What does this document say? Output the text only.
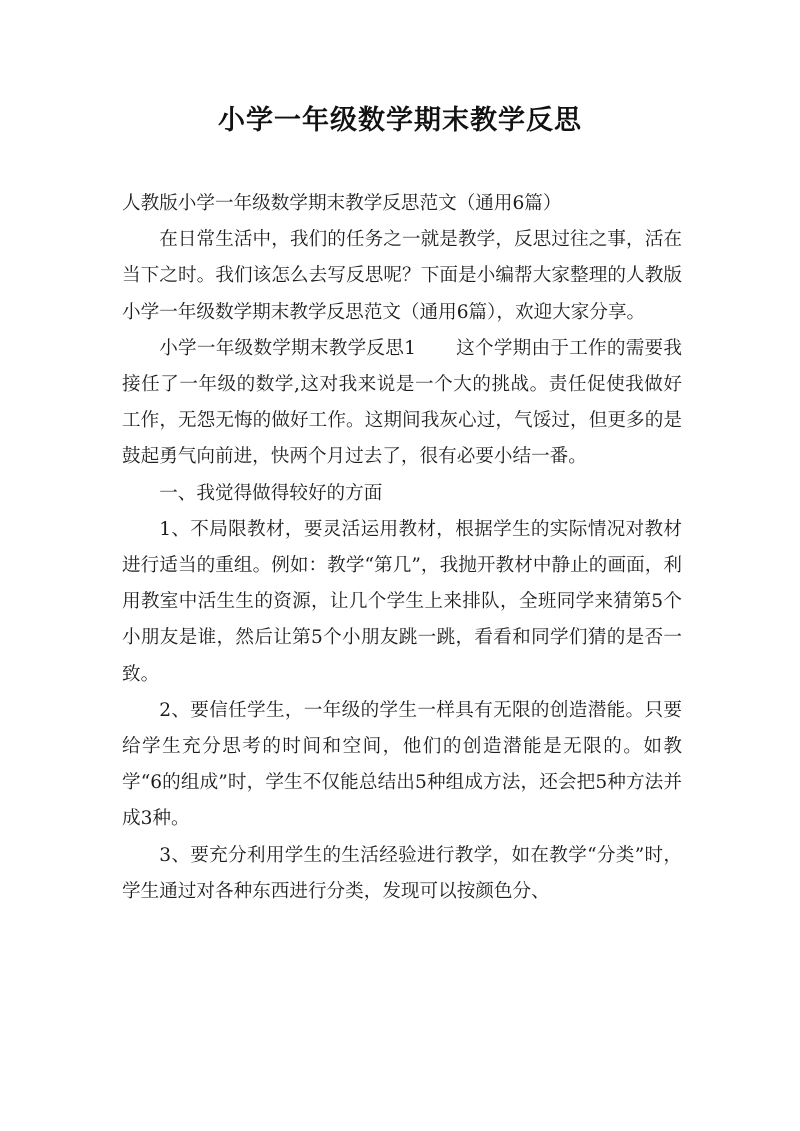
小学一年级数学期末教学反思

人教版小学一年级数学期末教学反思范文（通用6篇）

在日常生活中，我们的任务之一就是教学，反思过往之事，活在当下之时。我们该怎么去写反思呢？下面是小编帮大家整理的人教版小学一年级数学期末教学反思范文（通用6篇），欢迎大家分享。

小学一年级数学期末教学反思1 这个学期由于工作的需要我接任了一年级的数学,这对我来说是一个大的挑战。责任促使我做好工作，无怨无悔的做好工作。这期间我灰心过，气馁过，但更多的是鼓起勇气向前进，快两个月过去了，很有必要小结一番。

一、我觉得做得较好的方面

1、不局限教材，要灵活运用教材，根据学生的实际情况对教材进行适当的重组。例如：教学“第几”，我抛开教材中静止的画面，利用教室中活生生的资源，让几个学生上来排队，全班同学来猜第5个小朋友是谁，然后让第5个小朋友跳一跳，看看和同学们猜的是否一致。

2、要信任学生，一年级的学生一样具有无限的创造潜能。只要给学生充分思考的时间和空间，他们的创造潜能是无限的。如教学“6的组成”时，学生不仅能总结出5种组成方法，还会把5种方法并成3种。

3、要充分利用学生的生活经验进行教学，如在教学“分类”时，学生通过对各种东西进行分类，发现可以按颜色分、
